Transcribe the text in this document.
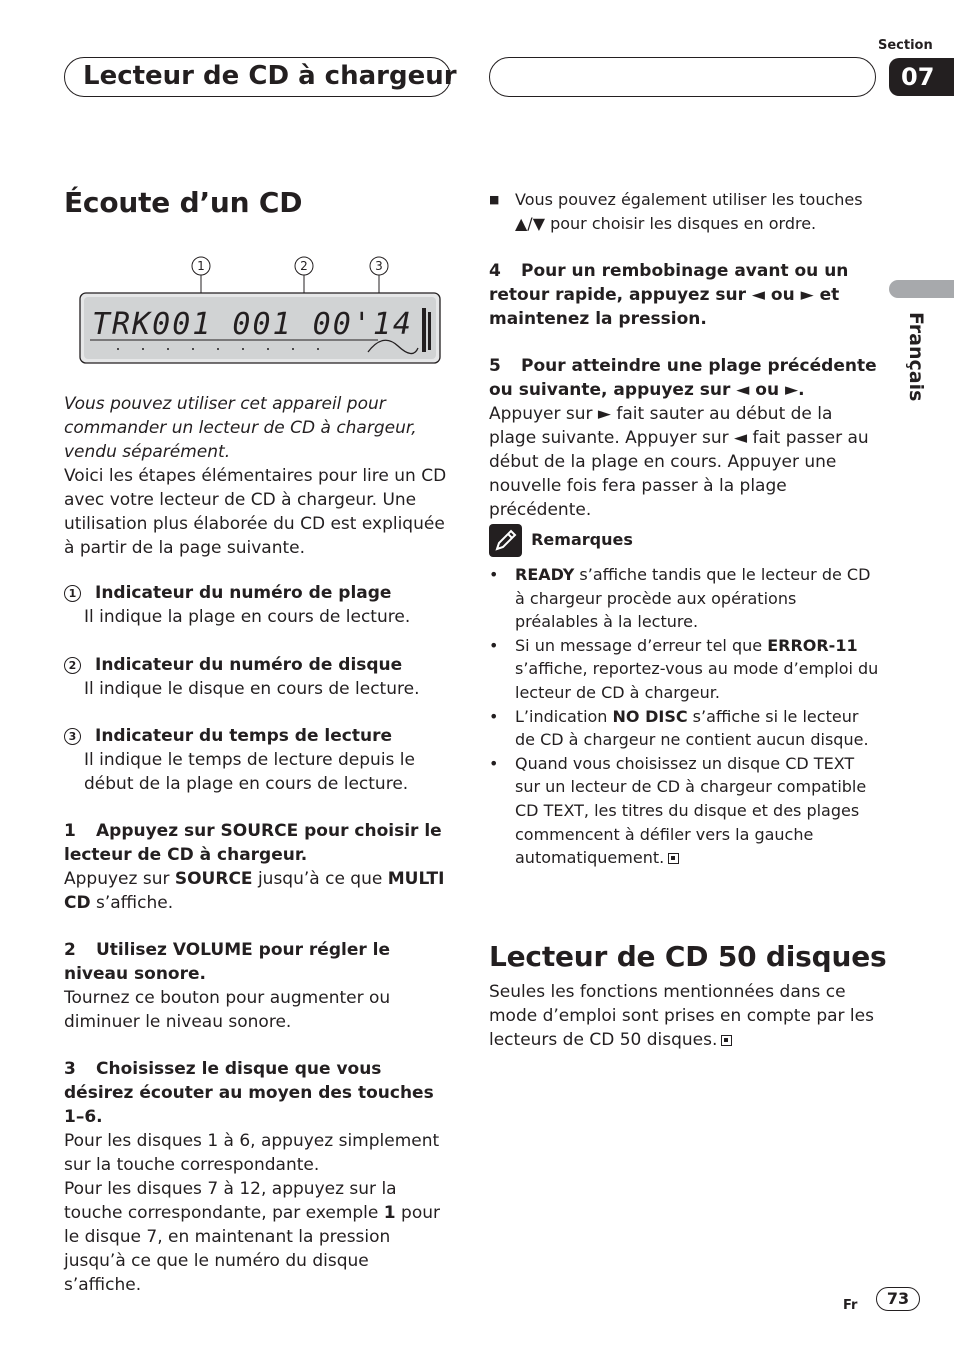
Section
07
Lecteur de CD à chargeur
Français
Écoute d’un CD
1	2	3
TRK001 001 00'14

Vous pouvez utiliser cet appareil pour commander un lecteur de CD à chargeur, vendu séparément.

Voici les étapes élémentaires pour lire un CD avec votre lecteur de CD à chargeur. Une utilisation plus élaborée du CD est expliquée à partir de la page suivante.

1 Indicateur du numéro de plage

Il indique la plage en cours de lecture.

2 Indicateur du numéro de disque

Il indique le disque en cours de lecture.

3 Indicateur du temps de lecture

Il indique le temps de lecture depuis le début de la plage en cours de lecture.

1 Appuyez sur SOURCE pour choisir le lecteur de CD à chargeur.

Appuyez sur SOURCE jusqu’à ce que MULTI CD s’affiche.

2 Utilisez VOLUME pour régler le niveau sonore.

Tournez ce bouton pour augmenter ou diminuer le niveau sonore.

3 Choisissez le disque que vous désirez écouter au moyen des touches 1–6.

Pour les disques 1 à 6, appuyez simplement sur la touche correspondante.

Pour les disques 7 à 12, appuyez sur la touche correspondante, par exemple 1 pour le disque 7, en maintenant la pression jusqu’à ce que le numéro du disque s’affiche.

■ Vous pouvez également utiliser les touches ▲/▼ pour choisir les disques en ordre.

4 Pour un rembobinage avant ou un retour rapide, appuyez sur ◄ ou ► et maintenez la pression.

5 Pour atteindre une plage précédente ou suivante, appuyez sur ◄ ou ►.

Appuyer sur ► fait sauter au début de la plage suivante. Appuyer sur ◄ fait passer au début de la plage en cours. Appuyer une nouvelle fois fera passer à la plage précédente.

Remarques
• READY s’affiche tandis que le lecteur de CD à chargeur procède aux opérations préalables à la lecture.
• Si un message d’erreur tel que ERROR-11 s’affiche, reportez-vous au mode d’emploi du lecteur de CD à chargeur.
• L’indication NO DISC s’affiche si le lecteur de CD à chargeur ne contient aucun disque.
• Quand vous choisissez un disque CD TEXT sur un lecteur de CD à chargeur compatible CD TEXT, les titres du disque et des plages commencent à défiler vers la gauche automatiquement.
Lecteur de CD 50 disques

Seules les fonctions mentionnées dans ce mode d’emploi sont prises en compte par les lecteurs de CD 50 disques.

Fr	73
